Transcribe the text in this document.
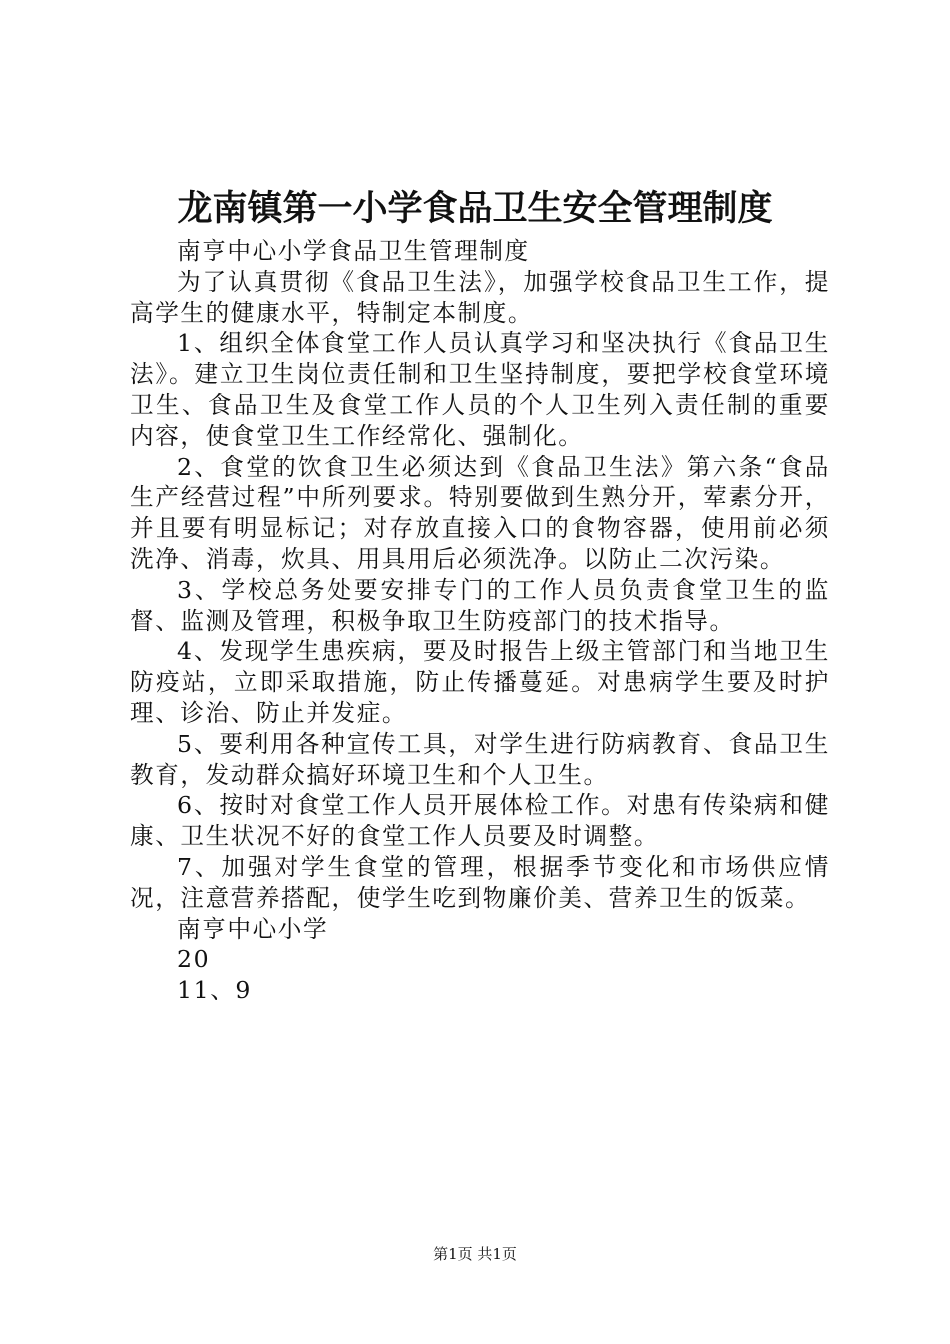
龙南镇第一小学食品卫生安全管理制度

南亨中心小学食品卫生管理制度

为了认真贯彻《食品卫生法》，加强学校食品卫生工作，提高学生的健康水平，特制定本制度。

1、组织全体食堂工作人员认真学习和坚决执行《食品卫生法》。建立卫生岗位责任制和卫生坚持制度，要把学校食堂环境卫生、食品卫生及食堂工作人员的个人卫生列入责任制的重要内容，使食堂卫生工作经常化、强制化。

2、食堂的饮食卫生必须达到《食品卫生法》第六条“食品生产经营过程”中所列要求。特别要做到生熟分开，荤素分开，并且要有明显标记；对存放直接入口的食物容器，使用前必须洗净、消毒，炊具、用具用后必须洗净。以防止二次污染。

3、学校总务处要安排专门的工作人员负责食堂卫生的监督、监测及管理，积极争取卫生防疫部门的技术指导。

4、发现学生患疾病，要及时报告上级主管部门和当地卫生防疫站，立即采取措施，防止传播蔓延。对患病学生要及时护理、诊治、防止并发症。

5、要利用各种宣传工具，对学生进行防病教育、食品卫生教育，发动群众搞好环境卫生和个人卫生。

6、按时对食堂工作人员开展体检工作。对患有传染病和健康、卫生状况不好的食堂工作人员要及时调整。

7、加强对学生食堂的管理，根据季节变化和市场供应情况，注意营养搭配，使学生吃到物廉价美、营养卫生的饭菜。

南亨中心小学

20

11、9

第1页 共1页
